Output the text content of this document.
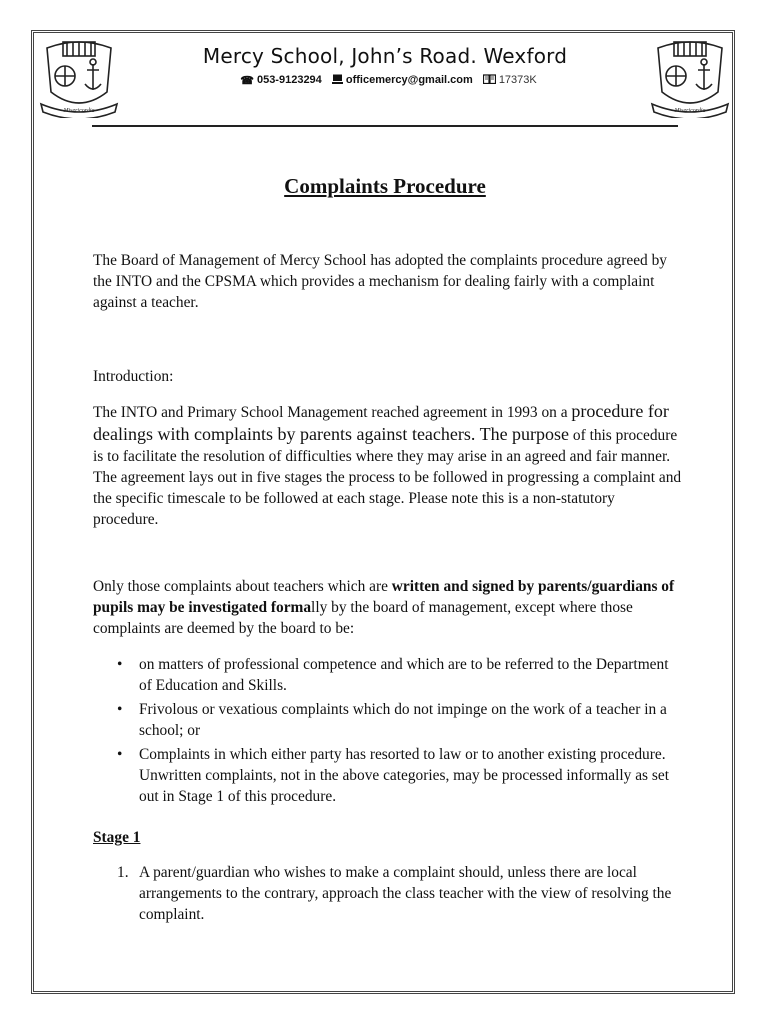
Misericordia	Misericordia
Mercy School, John’s Road. Wexford
☎ 053-9123294 officemercy@gmail.com 17373K
Complaints Procedure
The Board of Management of Mercy School has adopted the complaints procedure agreed by the INTO and the CPSMA which provides a mechanism for dealing fairly with a complaint against a teacher.
Introduction:
The INTO and Primary School Management reached agreement in 1993 on a procedure for dealings with complaints by parents against teachers. The purpose of this procedure is to facilitate the resolution of difficulties where they may arise in an agreed and fair manner. The agreement lays out in five stages the process to be followed in progressing a complaint and the specific timescale to be followed at each stage. Please note this is a non-statutory procedure.
Only those complaints about teachers which are written and signed by parents/guardians of pupils may be investigated formally by the board of management, except where those complaints are deemed by the board to be:
• on matters of professional competence and which are to be referred to the Department of Education and Skills.
• Frivolous or vexatious complaints which do not impinge on the work of a teacher in a school; or
• Complaints in which either party has resorted to law or to another existing procedure. Unwritten complaints, not in the above categories, may be processed informally as set out in Stage 1 of this procedure.
Stage 1
1. A parent/guardian who wishes to make a complaint should, unless there are local arrangements to the contrary, approach the class teacher with the view of resolving the complaint.
